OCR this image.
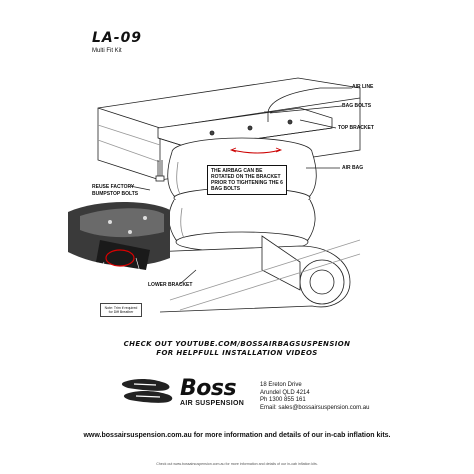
LA-09
Multi Fit Kit
AIR LINE
BAG BOLTS
TOP BRACKET
AIR BAG
REUSE FACTORY
BUMPSTOP BOLTS
LOWER BRACKET
THE AIRBAG CAN BE ROTATED ON THE BRACKET PRIOR TO TIGHTENING THE 6 BAG BOLTS
Note: Trim if required for Diff Breather
CHECK OUT YOUTUBE.COM/BOSSAIRBAGSUSPENSION
FOR HELPFULL INSTALLATION VIDEOS
Boss
AIR SUSPENSION
18 Ereton Drive
Arundel QLD 4214
Ph 1300 855 161
Email: sales@bossairsuspension.com.au
www.bossairsuspension.com.au for more information and details of our in-cab inflation kits.
Check out www.bossairsuspension.com.au for more information and details of our in-cab inflation kits.
